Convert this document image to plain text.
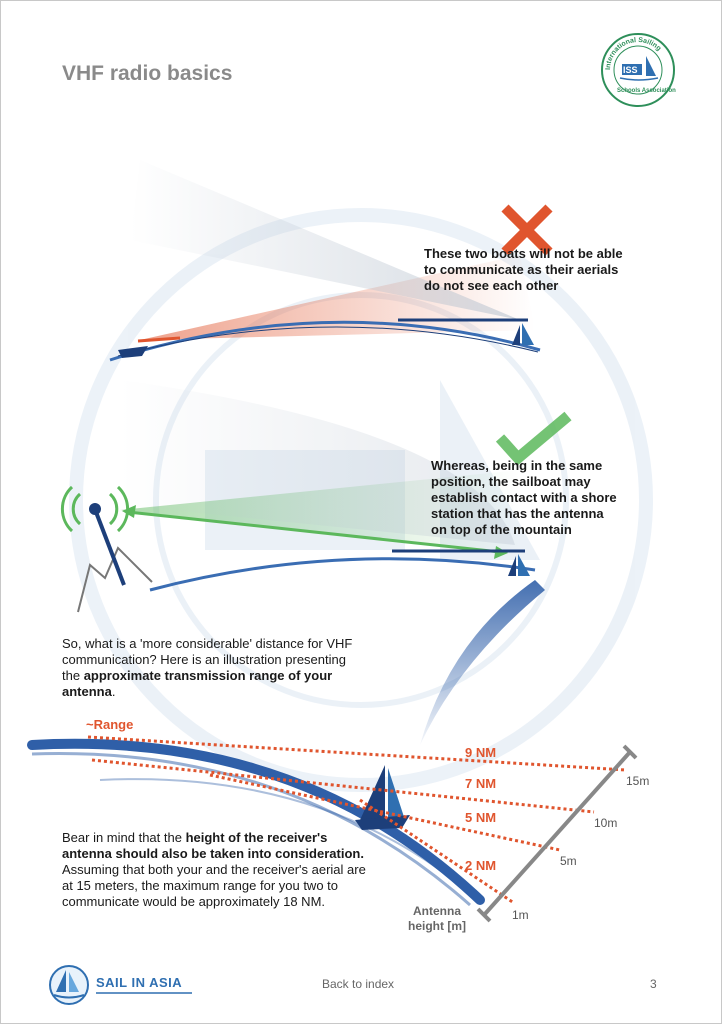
VHF radio basics	International Sailing
ISS
Schools Association
These two boats will not be able
to communicate as their aerials
do not see each other
Whereas, being in the same
position, the sailboat may
establish contact with a shore
station that has the antenna
on top of the mountain
So, what is a 'more considerable' distance for VHF
communication? Here is an illustration presenting
the approximate transmission range of your
antenna.
~Range
9 NM
7 NM
5 NM
2 NM
15m
10m
5m
1m
Antenna
height [m]
Bear in mind that the height of the receiver's
antenna should also be taken into consideration.
Assuming that both your and the receiver's aerial are
at 15 meters, the maximum range for you two to
communicate would be approximately 18 NM.
SAIL IN ASIA	Back to index	3
